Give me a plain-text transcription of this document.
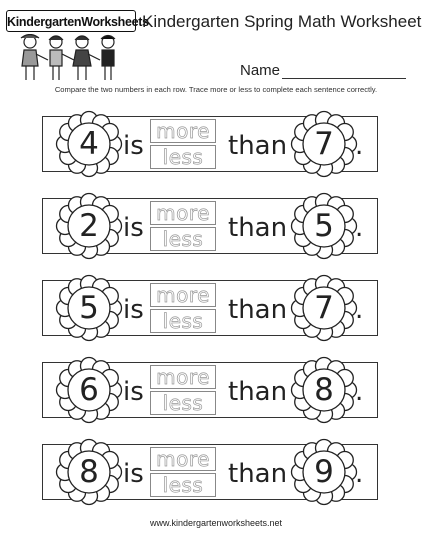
KindergartenWorksheets
Kindergarten Spring Math Worksheet
Name
Compare the two numbers in each row. Trace more or less to complete each sentence correctly.
4 is more
less than 7 .
2 is more
less than 5 .
5 is more
less than 7 .
6 is more
less than 8 .
8 is more
less than 9 .
www.kindergartenworksheets.net
